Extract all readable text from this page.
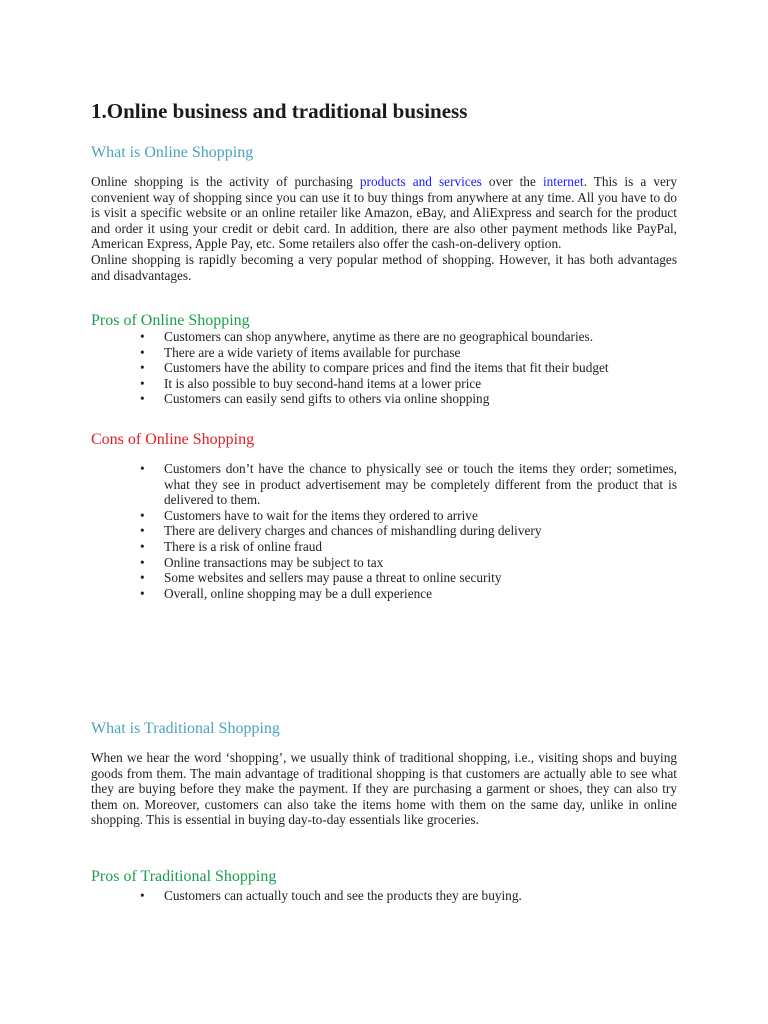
1.Online business and traditional business
What is Online Shopping

Online shopping is the activity of purchasing products and services over the internet. This is a very convenient way of shopping since you can use it to buy things from anywhere at any time. All you have to do is visit a specific website or an online retailer like Amazon, eBay, and AliExpress and search for the product and order it using your credit or debit card. In addition, there are also other payment methods like PayPal, American Express, Apple Pay, etc. Some retailers also offer the cash-on-delivery option.
Online shopping is rapidly becoming a very popular method of shopping. However, it has both advantages and disadvantages.

Pros of Online Shopping
• Customers can shop anywhere, anytime as there are no geographical boundaries.
• There are a wide variety of items available for purchase
• Customers have the ability to compare prices and find the items that fit their budget
• It is also possible to buy second-hand items at a lower price
• Customers can easily send gifts to others via online shopping
Cons of Online Shopping
• Customers don’t have the chance to physically see or touch the items they order; sometimes, what they see in product advertisement may be completely different from the product that is delivered to them.
• Customers have to wait for the items they ordered to arrive
• There are delivery charges and chances of mishandling during delivery
• There is a risk of online fraud
• Online transactions may be subject to tax
• Some websites and sellers may pause a threat to online security
• Overall, online shopping may be a dull experience
What is Traditional Shopping

When we hear the word ‘shopping’, we usually think of traditional shopping, i.e., visiting shops and buying goods from them. The main advantage of traditional shopping is that customers are actually able to see what they are buying before they make the payment. If they are purchasing a garment or shoes, they can also try them on. Moreover, customers can also take the items home with them on the same day, unlike in online shopping. This is essential in buying day-to-day essentials like groceries.

Pros of Traditional Shopping
• Customers can actually touch and see the products they are buying.
